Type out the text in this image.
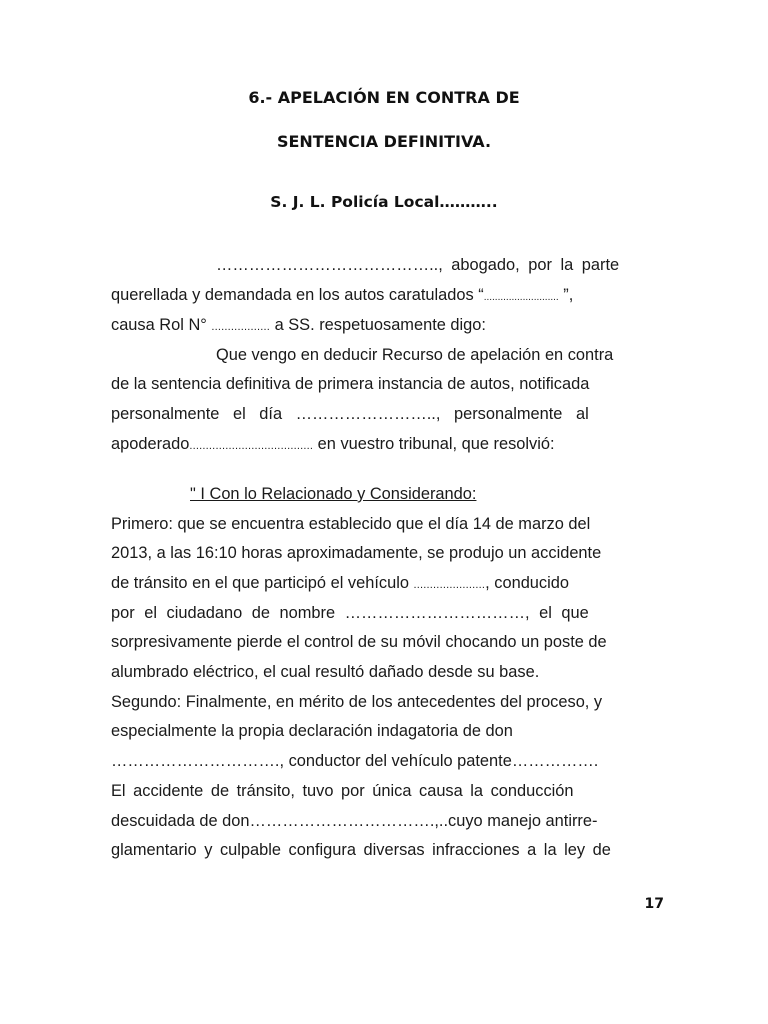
6.- APELACIÓN EN CONTRA DE
SENTENCIA DEFINITIVA.
S. J. L. Policía Local………..
………………………………….., abogado, por la parte
querellada y demandada en los autos caratulados “........................... ”,
causa Rol N° .................. a SS. respetuosamente digo:
Que vengo en deducir Recurso de apelación en contra
de la sentencia definitiva de primera instancia de autos, notificada
personalmente el día …………………….., personalmente al
apoderado...................................... en vuestro tribunal, que resolvió:
" I Con lo Relacionado y Considerando:
Primero: que se encuentra establecido que el día 14 de marzo del
2013, a las 16:10 horas aproximadamente, se produjo un accidente
de tránsito en el que participó el vehículo ......................, conducido
por el ciudadano de nombre ……………………………, el que
sorpresivamente pierde el control de su móvil chocando un poste de
alumbrado eléctrico, el cual resultó dañado desde su base.
Segundo: Finalmente, en mérito de los antecedentes del proceso, y
especialmente la propia declaración indagatoria de don
…………………………., conductor del vehículo patente…………….
El accidente de tránsito, tuvo por única causa la conducción
descuidada de don…………………………….,..cuyo manejo antirre-
glamentario y culpable configura diversas infracciones a la ley de
17
